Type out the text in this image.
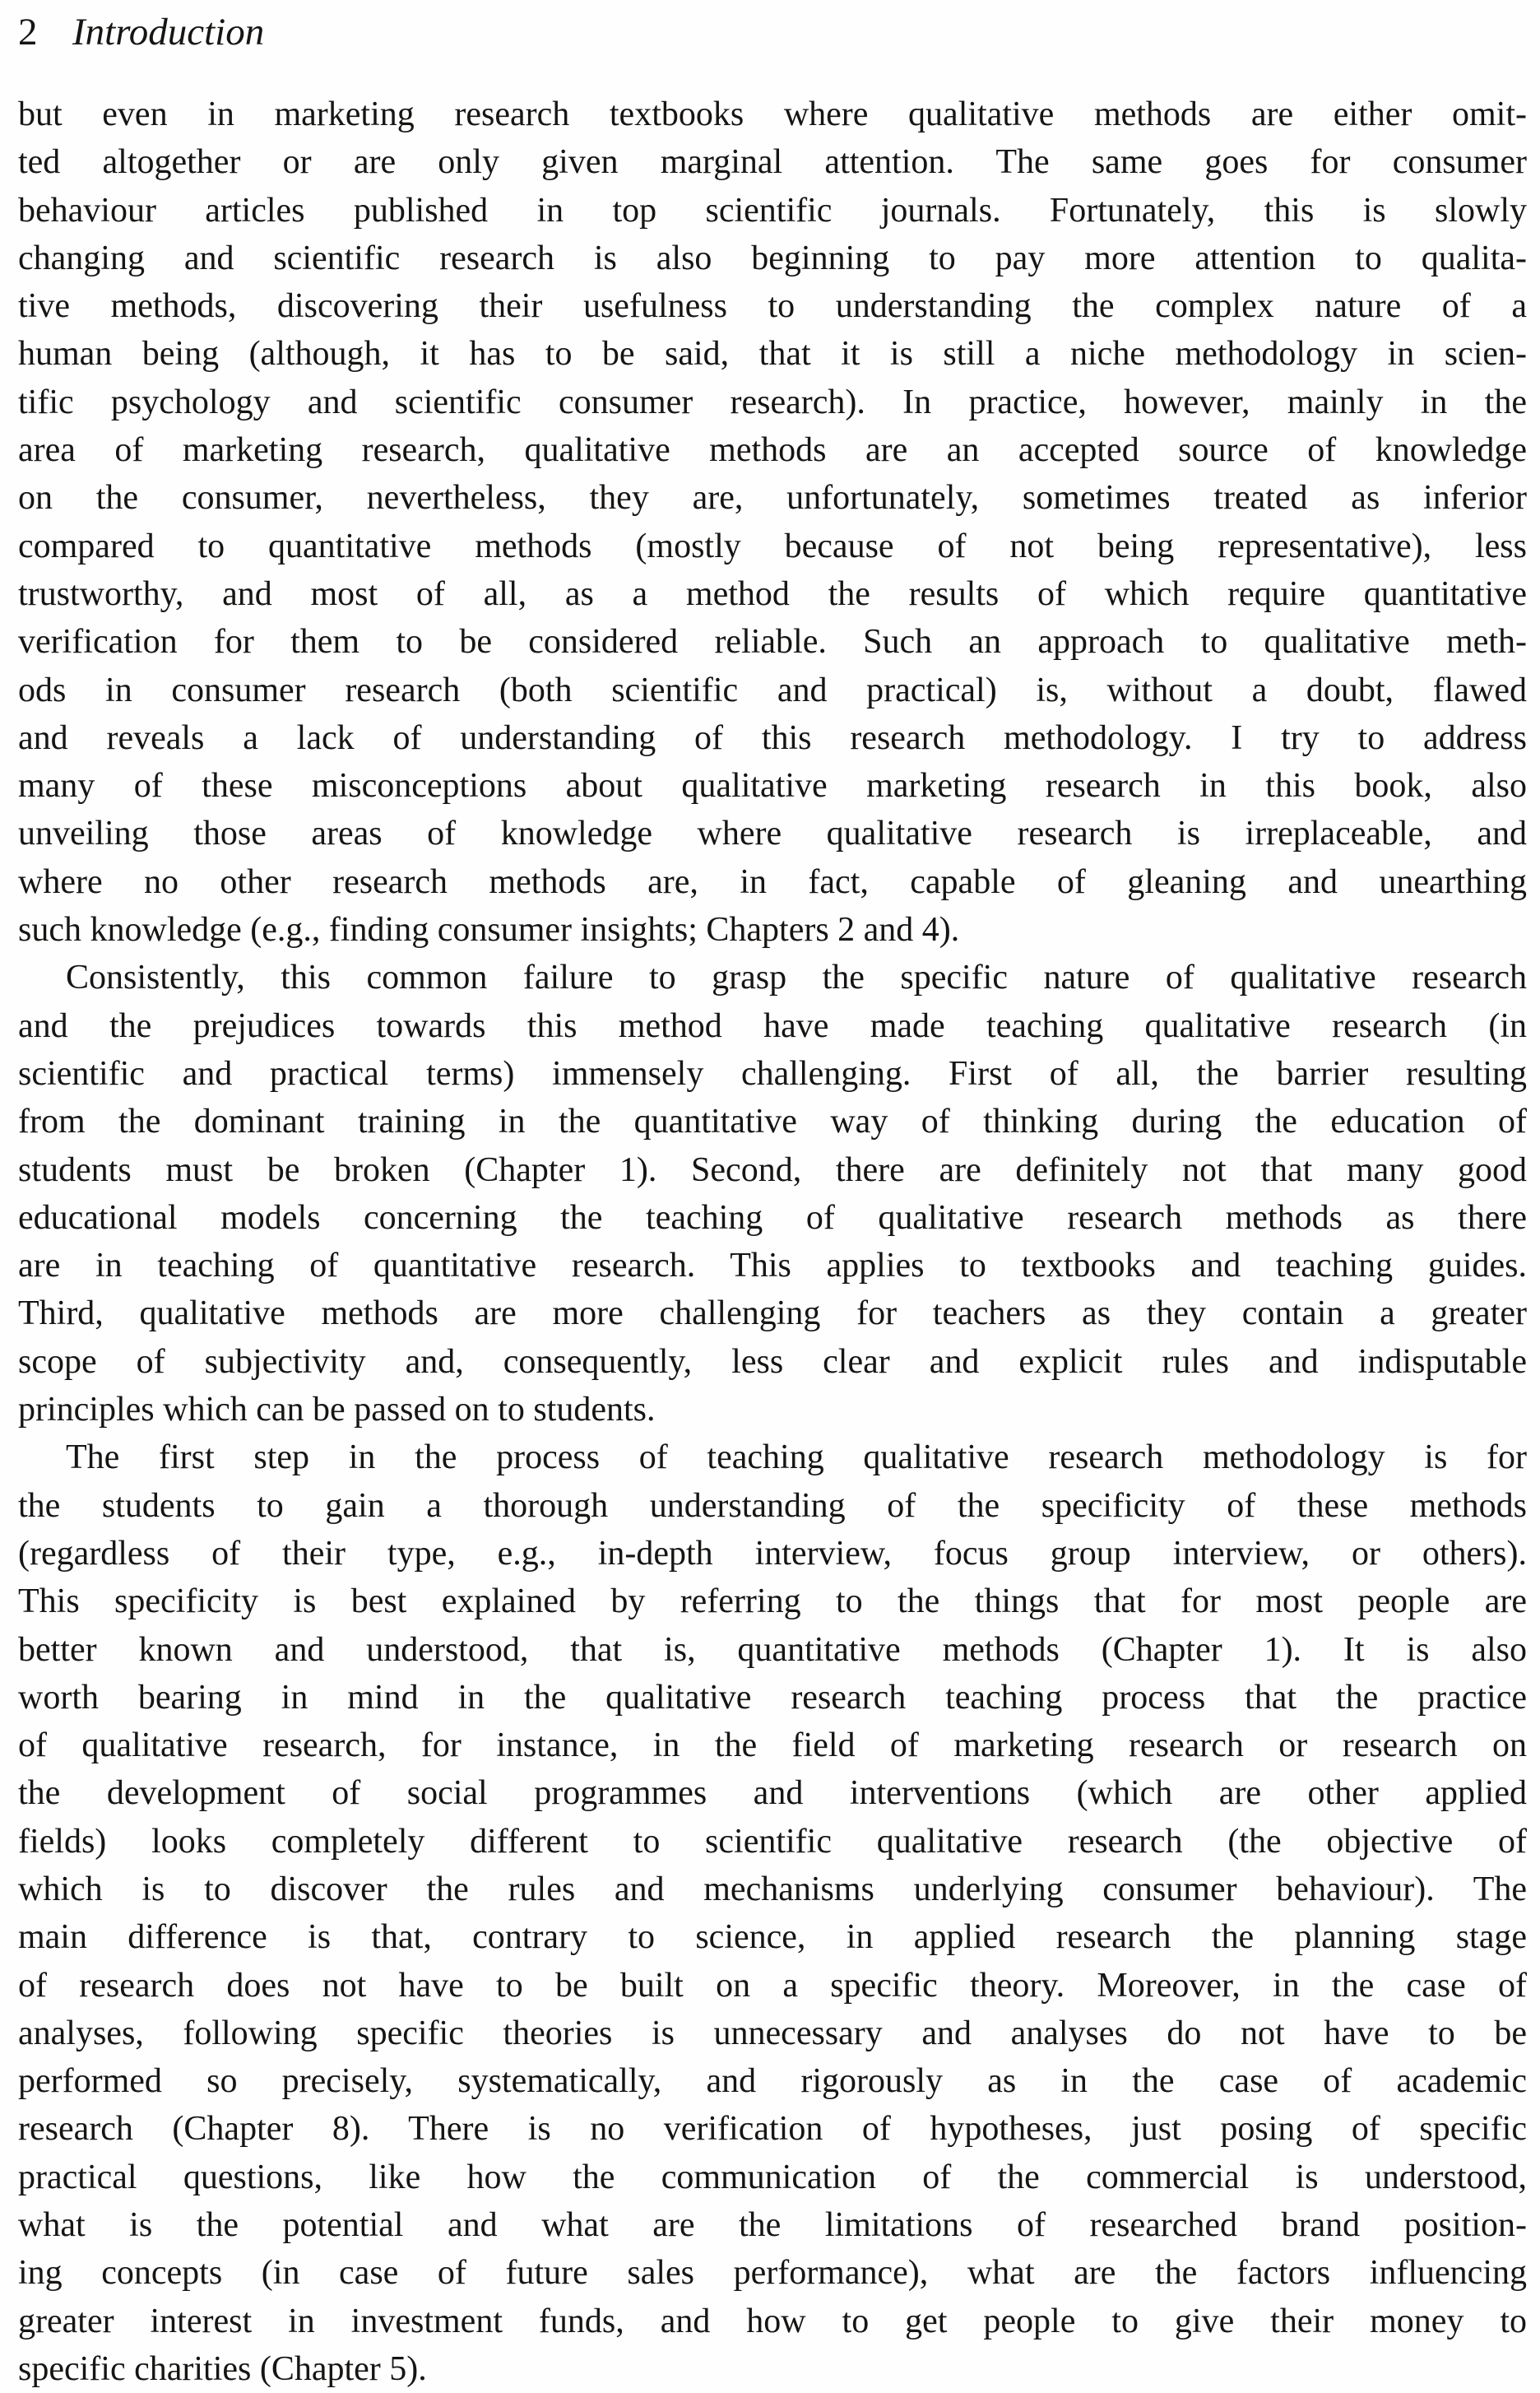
2 Introduction
but even in marketing research textbooks where qualitative methods are either omit-
ted altogether or are only given marginal attention. The same goes for consumer
behaviour articles published in top scientific journals. Fortunately, this is slowly
changing and scientific research is also beginning to pay more attention to qualita-
tive methods, discovering their usefulness to understanding the complex nature of a
human being (although, it has to be said, that it is still a niche methodology in scien-
tific psychology and scientific consumer research). In practice, however, mainly in the
area of marketing research, qualitative methods are an accepted source of knowledge
on the consumer, nevertheless, they are, unfortunately, sometimes treated as inferior
compared to quantitative methods (mostly because of not being representative), less
trustworthy, and most of all, as a method the results of which require quantitative
verification for them to be considered reliable. Such an approach to qualitative meth-
ods in consumer research (both scientific and practical) is, without a doubt, flawed
and reveals a lack of understanding of this research methodology. I try to address
many of these misconceptions about qualitative marketing research in this book, also
unveiling those areas of knowledge where qualitative research is irreplaceable, and
where no other research methods are, in fact, capable of gleaning and unearthing
such knowledge (e.g., finding consumer insights; Chapters 2 and 4).
Consistently, this common failure to grasp the specific nature of qualitative research
and the prejudices towards this method have made teaching qualitative research (in
scientific and practical terms) immensely challenging. First of all, the barrier resulting
from the dominant training in the quantitative way of thinking during the education of
students must be broken (Chapter 1). Second, there are definitely not that many good
educational models concerning the teaching of qualitative research methods as there
are in teaching of quantitative research. This applies to textbooks and teaching guides.
Third, qualitative methods are more challenging for teachers as they contain a greater
scope of subjectivity and, consequently, less clear and explicit rules and indisputable
principles which can be passed on to students.
The first step in the process of teaching qualitative research methodology is for
the students to gain a thorough understanding of the specificity of these methods
(regardless of their type, e.g., in-depth interview, focus group interview, or others).
This specificity is best explained by referring to the things that for most people are
better known and understood, that is, quantitative methods (Chapter 1). It is also
worth bearing in mind in the qualitative research teaching process that the practice
of qualitative research, for instance, in the field of marketing research or research on
the development of social programmes and interventions (which are other applied
fields) looks completely different to scientific qualitative research (the objective of
which is to discover the rules and mechanisms underlying consumer behaviour). The
main difference is that, contrary to science, in applied research the planning stage
of research does not have to be built on a specific theory. Moreover, in the case of
analyses, following specific theories is unnecessary and analyses do not have to be
performed so precisely, systematically, and rigorously as in the case of academic
research (Chapter 8). There is no verification of hypotheses, just posing of specific
practical questions, like how the communication of the commercial is understood,
what is the potential and what are the limitations of researched brand position-
ing concepts (in case of future sales performance), what are the factors influencing
greater interest in investment funds, and how to get people to give their money to
specific charities (Chapter 5).
